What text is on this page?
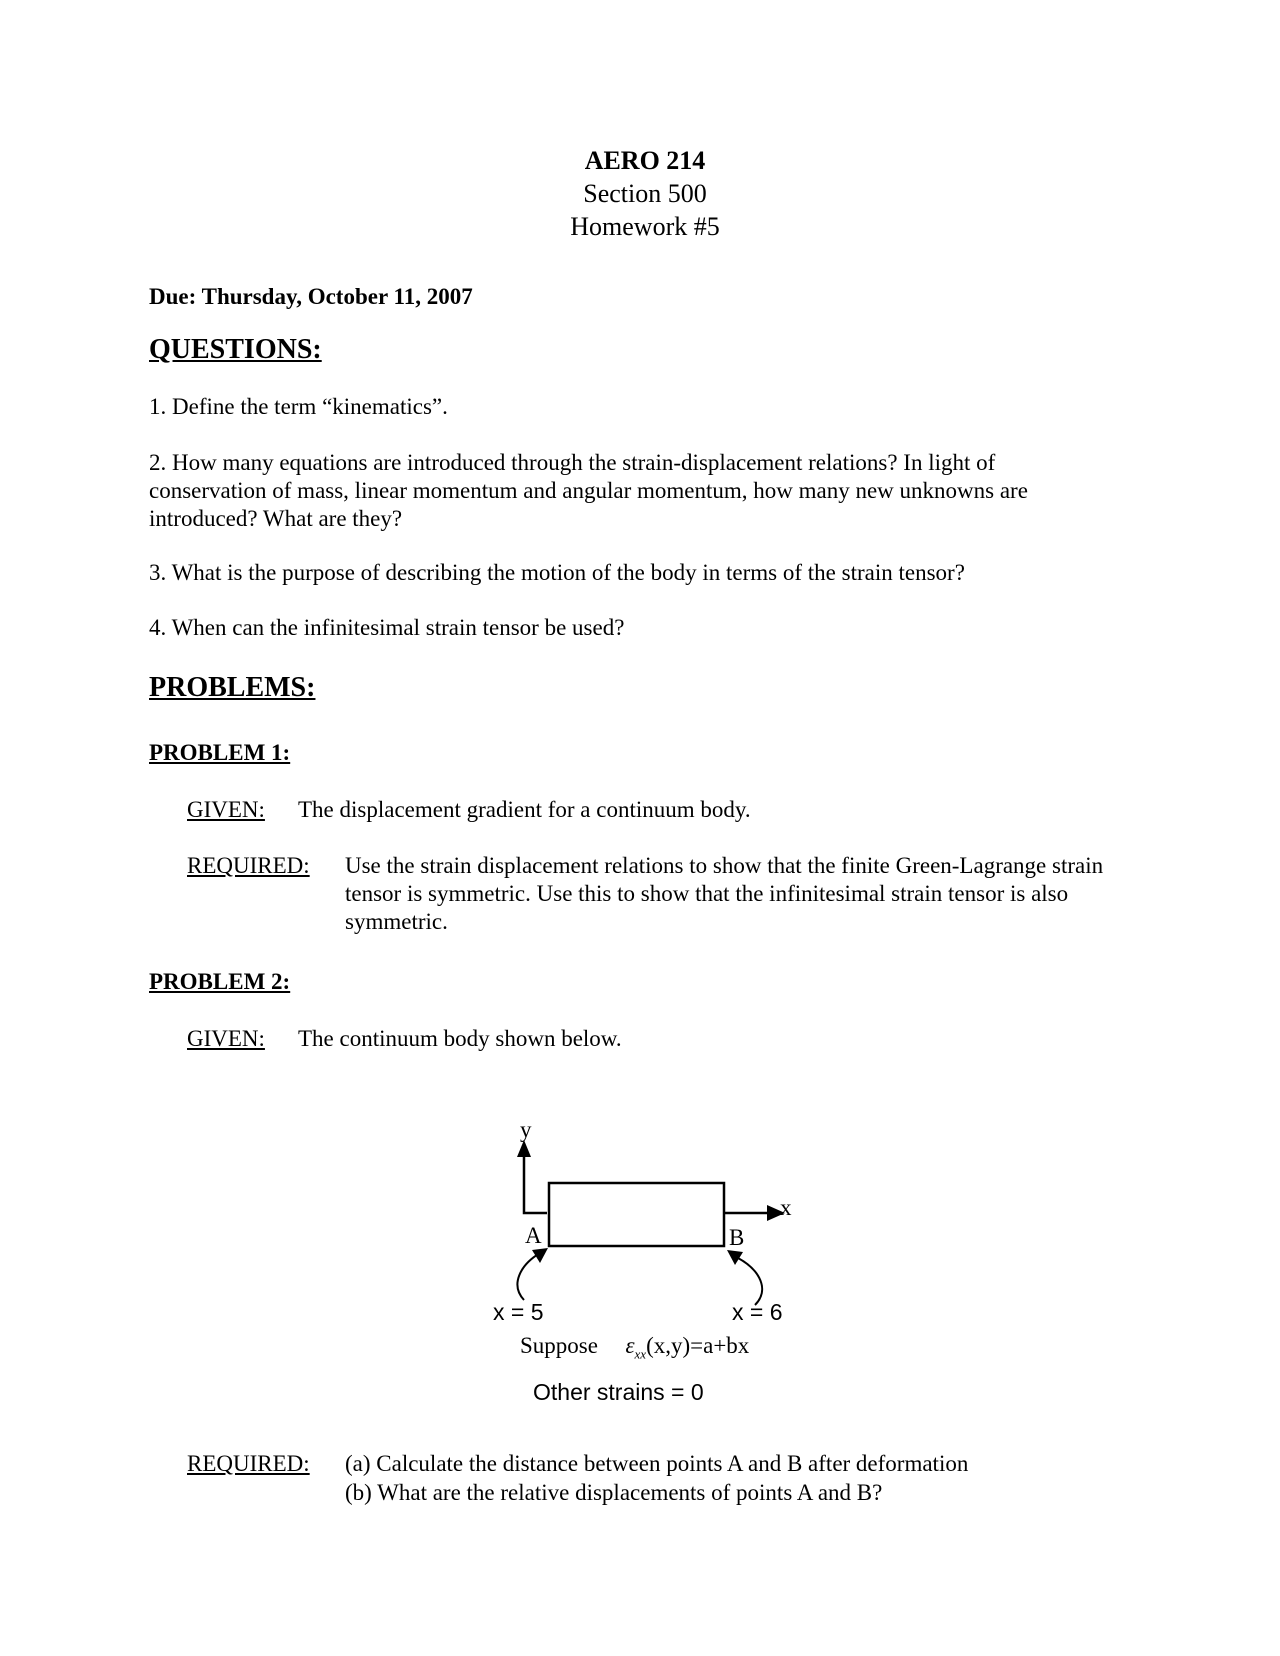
AERO 214
Section 500
Homework #5
Due: Thursday, October 11, 2007
QUESTIONS:
1. Define the term “kinematics”.
2. How many equations are introduced through the strain-displacement relations? In light of conservation of mass, linear momentum and angular momentum, how many new unknowns are introduced? What are they?
3. What is the purpose of describing the motion of the body in terms of the strain tensor?
4. When can the infinitesimal strain tensor be used?
PROBLEMS:
PROBLEM 1:
GIVEN: The displacement gradient for a continuum body.
REQUIRED: Use the strain displacement relations to show that the finite Green-Lagrange strain tensor is symmetric. Use this to show that the infinitesimal strain tensor is also symmetric.
PROBLEM 2:
GIVEN: The continuum body shown below.
y
x
A	B
x = 5	x = 6
Suppose $\varepsilon_{xx}(x,y)=a+bx$
Other strains = 0
REQUIRED: (a) Calculate the distance between points A and B after deformation
(b) What are the relative displacements of points A and B?
